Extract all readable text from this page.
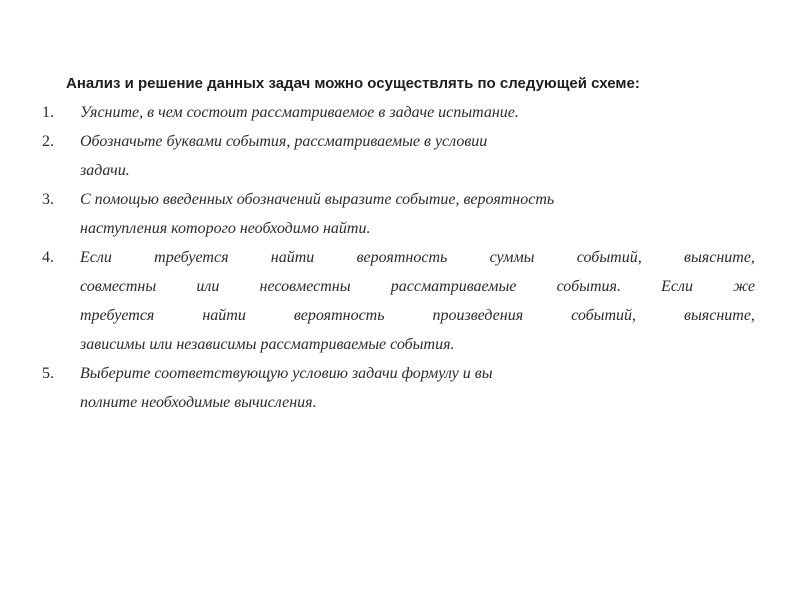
Анализ и решение данных задач можно осуществлять по следующей схеме:
1.	Уясните, в чем состоит рассматриваемое в задаче испытание.
2.	Обозначьте буквами события, рассматриваемые в условии
задачи.
3.	С помощью введенных обозначений выразите событие, вероятность
наступления которого необходимо найти.
4.	Если	требуется	найти	вероятность	суммы	событий,	выясните,
совместны	или	несовместны	рассматриваемые	события.	Если	же
требуется	найти	вероятность	произведения	событий,	выясните,
зависимы или независимы рассматриваемые события.
5.	Выберите соответствующую условию задачи формулу и вы
полните необходимые вычисления.
